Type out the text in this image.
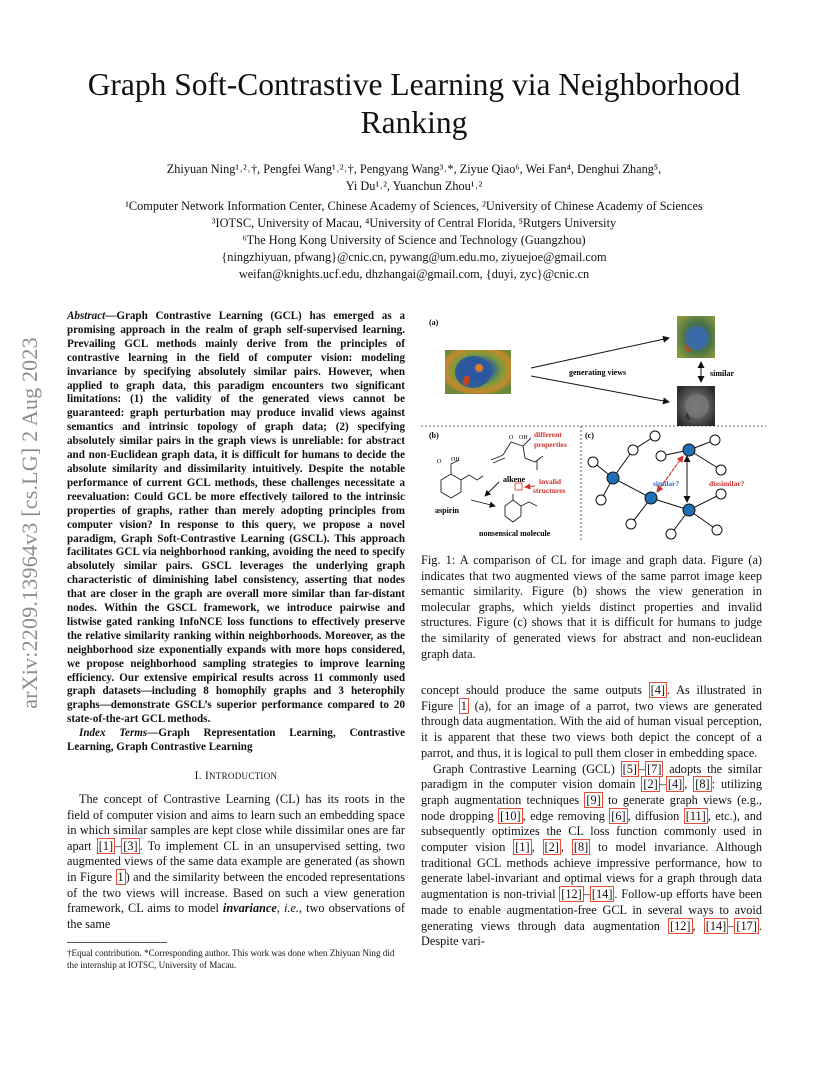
arXiv:2209.13964v3 [cs.LG] 2 Aug 2023
Graph Soft-Contrastive Learning via Neighborhood Ranking
Zhiyuan Ning¹˒²˒†, Pengfei Wang¹˒²˒†, Pengyang Wang³˒*, Ziyue Qiao⁶, Wei Fan⁴, Denghui Zhang⁵,
Yi Du¹˒², Yuanchun Zhou¹˒²
¹Computer Network Information Center, Chinese Academy of Sciences, ²University of Chinese Academy of Sciences
³IOTSC, University of Macau, ⁴University of Central Florida, ⁵Rutgers University
⁶The Hong Kong University of Science and Technology (Guangzhou)
{ningzhiyuan, pfwang}@cnic.cn, pywang@um.edu.mo, ziyuejoe@gmail.com
weifan@knights.ucf.edu, dhzhangai@gmail.com, {duyi, zyc}@cnic.cn
Abstract—Graph Contrastive Learning (GCL) has emerged as a promising approach in the realm of graph self-supervised learning. Prevailing GCL methods mainly derive from the principles of contrastive learning in the field of computer vision: modeling invariance by specifying absolutely similar pairs. However, when applied to graph data, this paradigm encounters two significant limitations: (1) the validity of the generated views cannot be guaranteed: graph perturbation may produce invalid views against semantics and intrinsic topology of graph data; (2) specifying absolutely similar pairs in the graph views is unreliable: for abstract and non-Euclidean graph data, it is difficult for humans to decide the absolute similarity and dissimilarity intuitively. Despite the notable performance of current GCL methods, these challenges necessitate a reevaluation: Could GCL be more effectively tailored to the intrinsic properties of graphs, rather than merely adopting principles from computer vision? In response to this query, we propose a novel paradigm, Graph Soft-Contrastive Learning (GSCL). This approach facilitates GCL via neighborhood ranking, avoiding the need to specify absolutely similar pairs. GSCL leverages the underlying graph characteristic of diminishing label consistency, asserting that nodes that are closer in the graph are overall more similar than far-distant nodes. Within the GSCL framework, we introduce pairwise and listwise gated ranking InfoNCE loss functions to effectively preserve the relative similarity ranking within neighborhoods. Moreover, as the neighborhood size exponentially expands with more hops considered, we propose neighborhood sampling strategies to improve learning efficiency. Our extensive empirical results across 11 commonly used graph datasets—including 8 homophily graphs and 3 heterophily graphs—demonstrate GSCL’s superior performance compared to 20 state-of-the-art GCL methods.
Index Terms—Graph Representation Learning, Contrastive Learning, Graph Contrastive Learning
I. INTRODUCTION

The concept of Contrastive Learning (CL) has its roots in the field of computer vision and aims to learn such an embedding space in which similar samples are kept close while dissimilar ones are far apart [1] – [3] . To implement CL in an unsupervised setting, two augmented views of the same data example are generated (as shown in Figure 1 ) and the similarity between the encoded representations of the two views will increase. Based on such a view generation framework, CL aims to model invariance, i.e., two observations of the same

†Equal contribution. *Corresponding author. This work was done when Zhiyuan Ning did the internship at IOTSC, University of Macau.
(a)
generating views	similar
(b)	O OH different
properties
alkene invalid
structures
O OH
aspirin
nonsensical molecule
(c)
similar?	dissimilar?
Fig. 1: A comparison of CL for image and graph data. Figure (a) indicates that two augmented views of the same parrot image keep semantic similarity. Figure (b) shows the view generation in molecular graphs, which yields distinct properties and invalid structures. Figure (c) shows that it is difficult for humans to judge the similarity of generated views for abstract and non-euclidean graph data.

concept should produce the same outputs [4] . As illustrated in Figure 1 (a), for an image of a parrot, two views are generated through data augmentation. With the aid of human visual perception, it is apparent that these two views both depict the concept of a parrot, and thus, it is logical to pull them closer in embedding space.

Graph Contrastive Learning (GCL) [5] – [7] adopts the similar paradigm in the computer vision domain [2] – [4] , [8] : utilizing graph augmentation techniques [9] to generate graph views (e.g., node dropping [10] , edge removing [6] , diffusion [11] , etc.), and subsequently optimizes the CL loss function commonly used in computer vision [1] , [2] , [8] to model invariance. Although traditional GCL methods achieve impressive performance, how to generate label-invariant and optimal views for a graph through data augmentation is non-trivial [12] – [14] . Follow-up efforts have been made to enable augmentation-free GCL in several ways to avoid generating views through data augmentation [12] , [14] – [17] . Despite vari-
